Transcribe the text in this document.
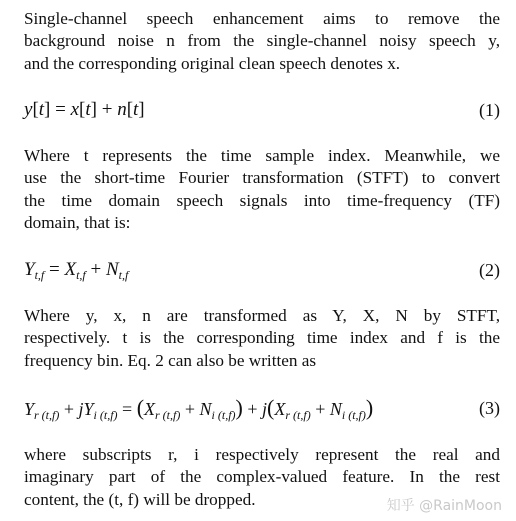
Single-channel speech enhancement aims to remove the
background noise n from the single-channel noisy speech y,
and the corresponding original clean speech denotes x.
y[t] = x[t] + n[t]	(1)
Where t represents the time sample index. Meanwhile, we
use the short-time Fourier transformation (STFT) to convert
the time domain speech signals into time-frequency (TF)
domain, that is:
$Y_{t,f} = X_{t,f} + N_{t,f}$	(2)
Where y, x, n are transformed as Y, X, N by STFT,
respectively. t is the corresponding time index and f is the
frequency bin. Eq. 2 can also be written as
$Y_{r (t,f)} + jY_{i (t,f)} = (X_{r (t,f)} + N_{i (t,f)}) + j(X_{r (t,f)} + N_{i (t,f)})$	(3)
where subscripts r, i respectively represent the real and
imaginary part of the complex-valued feature. In the rest
content, the (t, f) will be dropped.	知乎 @RainMoon
